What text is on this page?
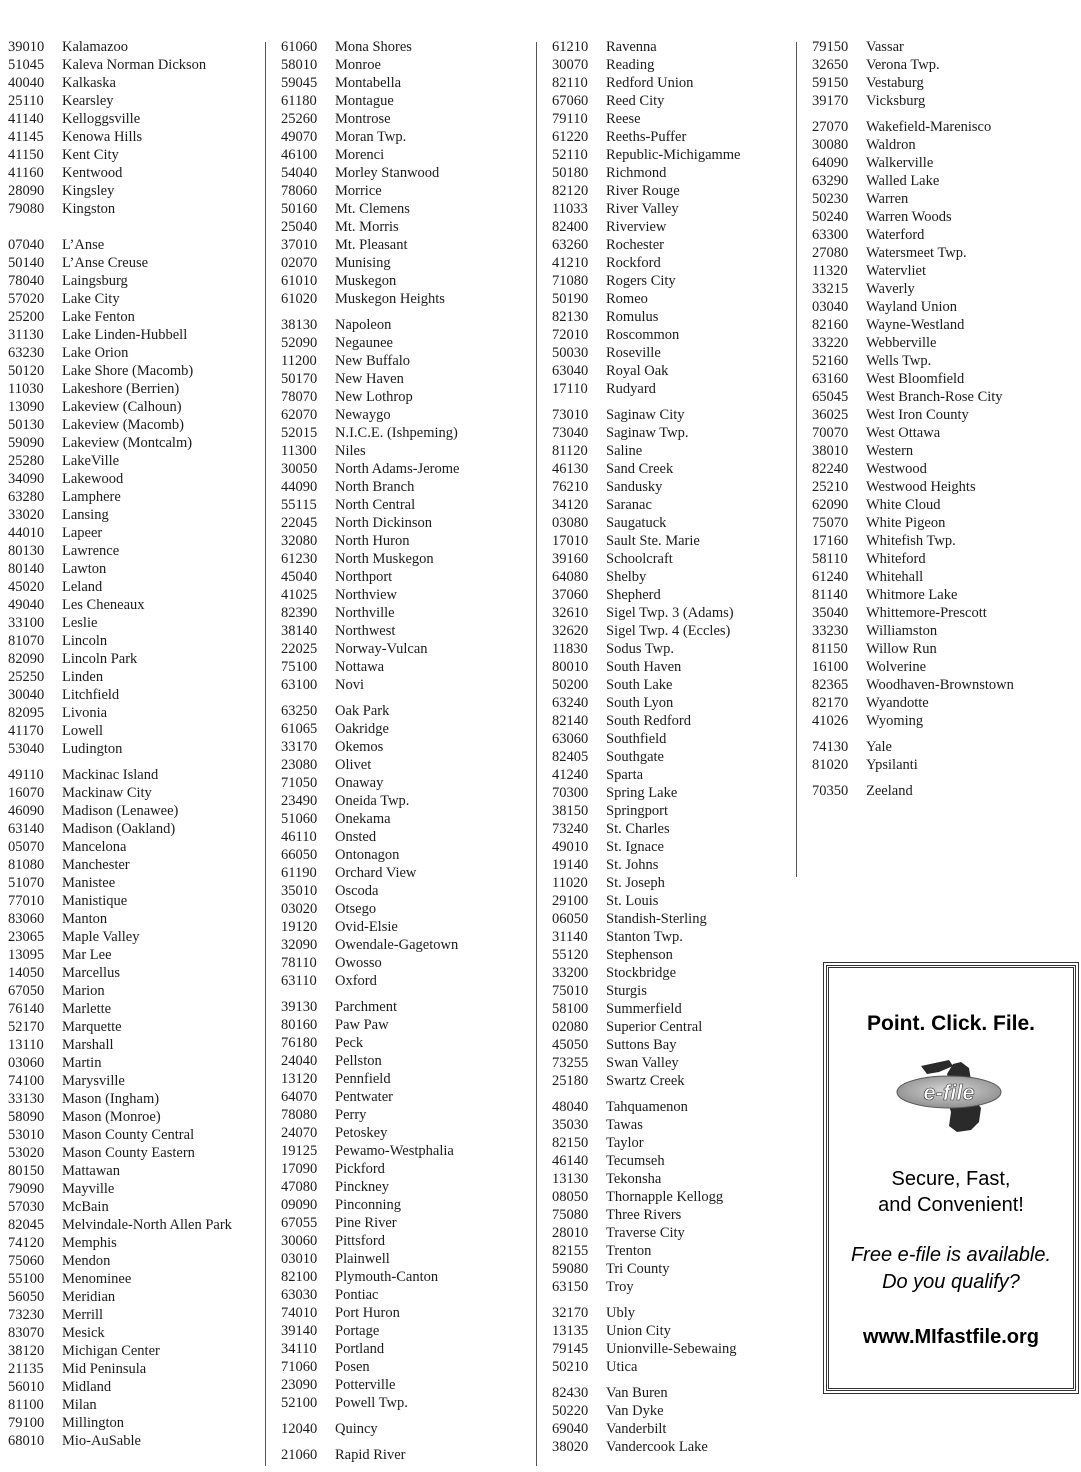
39010 Kalamazoo
51045 Kaleva Norman Dickson
40040 Kalkaska
25110 Kearsley
41140 Kelloggsville
41145 Kenowa Hills
41150 Kent City
41160 Kentwood
28090 Kingsley
79080 Kingston
07040 L’Anse
50140 L’Anse Creuse
78040 Laingsburg
57020 Lake City
25200 Lake Fenton
31130 Lake Linden-Hubbell
63230 Lake Orion
50120 Lake Shore (Macomb)
11030 Lakeshore (Berrien)
13090 Lakeview (Calhoun)
50130 Lakeview (Macomb)
59090 Lakeview (Montcalm)
25280 LakeVille
34090 Lakewood
63280 Lamphere
33020 Lansing
44010 Lapeer
80130 Lawrence
80140 Lawton
45020 Leland
49040 Les Cheneaux
33100 Leslie
81070 Lincoln
82090 Lincoln Park
25250 Linden
30040 Litchfield
82095 Livonia
41170 Lowell
53040 Ludington
49110 Mackinac Island
16070 Mackinaw City
46090 Madison (Lenawee)
63140 Madison (Oakland)
05070 Mancelona
81080 Manchester
51070 Manistee
77010 Manistique
83060 Manton
23065 Maple Valley
13095 Mar Lee
14050 Marcellus
67050 Marion
76140 Marlette
52170 Marquette
13110 Marshall
03060 Martin
74100 Marysville
33130 Mason (Ingham)
58090 Mason (Monroe)
53010 Mason County Central
53020 Mason County Eastern
80150 Mattawan
79090 Mayville
57030 McBain
82045 Melvindale-North Allen Park
74120 Memphis
75060 Mendon
55100 Menominee
56050 Meridian
73230 Merrill
83070 Mesick
38120 Michigan Center
21135 Mid Peninsula
56010 Midland
81100 Milan
79100 Millington
68010 Mio-AuSable
61060 Mona Shores
58010 Monroe
59045 Montabella
61180 Montague
25260 Montrose
49070 Moran Twp.
46100 Morenci
54040 Morley Stanwood
78060 Morrice
50160 Mt. Clemens
25040 Mt. Morris
37010 Mt. Pleasant
02070 Munising
61010 Muskegon
61020 Muskegon Heights
38130 Napoleon
52090 Negaunee
11200 New Buffalo
50170 New Haven
78070 New Lothrop
62070 Newaygo
52015 N.I.C.E. (Ishpeming)
11300 Niles
30050 North Adams-Jerome
44090 North Branch
55115 North Central
22045 North Dickinson
32080 North Huron
61230 North Muskegon
45040 Northport
41025 Northview
82390 Northville
38140 Northwest
22025 Norway-Vulcan
75100 Nottawa
63100 Novi
63250 Oak Park
61065 Oakridge
33170 Okemos
23080 Olivet
71050 Onaway
23490 Oneida Twp.
51060 Onekama
46110 Onsted
66050 Ontonagon
61190 Orchard View
35010 Oscoda
03020 Otsego
19120 Ovid-Elsie
32090 Owendale-Gagetown
78110 Owosso
63110 Oxford
39130 Parchment
80160 Paw Paw
76180 Peck
24040 Pellston
13120 Pennfield
64070 Pentwater
78080 Perry
24070 Petoskey
19125 Pewamo-Westphalia
17090 Pickford
47080 Pinckney
09090 Pinconning
67055 Pine River
30060 Pittsford
03010 Plainwell
82100 Plymouth-Canton
63030 Pontiac
74010 Port Huron
39140 Portage
34110 Portland
71060 Posen
23090 Potterville
52100 Powell Twp.
12040 Quincy
21060 Rapid River
61210 Ravenna
30070 Reading
82110 Redford Union
67060 Reed City
79110 Reese
61220 Reeths-Puffer
52110 Republic-Michigamme
50180 Richmond
82120 River Rouge
11033 River Valley
82400 Riverview
63260 Rochester
41210 Rockford
71080 Rogers City
50190 Romeo
82130 Romulus
72010 Roscommon
50030 Roseville
63040 Royal Oak
17110 Rudyard
73010 Saginaw City
73040 Saginaw Twp.
81120 Saline
46130 Sand Creek
76210 Sandusky
34120 Saranac
03080 Saugatuck
17010 Sault Ste. Marie
39160 Schoolcraft
64080 Shelby
37060 Shepherd
32610 Sigel Twp. 3 (Adams)
32620 Sigel Twp. 4 (Eccles)
11830 Sodus Twp.
80010 South Haven
50200 South Lake
63240 South Lyon
82140 South Redford
63060 Southfield
82405 Southgate
41240 Sparta
70300 Spring Lake
38150 Springport
73240 St. Charles
49010 St. Ignace
19140 St. Johns
11020 St. Joseph
29100 St. Louis
06050 Standish-Sterling
31140 Stanton Twp.
55120 Stephenson
33200 Stockbridge
75010 Sturgis
58100 Summerfield
02080 Superior Central
45050 Suttons Bay
73255 Swan Valley
25180 Swartz Creek
48040 Tahquamenon
35030 Tawas
82150 Taylor
46140 Tecumseh
13130 Tekonsha
08050 Thornapple Kellogg
75080 Three Rivers
28010 Traverse City
82155 Trenton
59080 Tri County
63150 Troy
32170 Ubly
13135 Union City
79145 Unionville-Sebewaing
50210 Utica
82430 Van Buren
50220 Van Dyke
69040 Vanderbilt
38020 Vandercook Lake
79150 Vassar
32650 Verona Twp.
59150 Vestaburg
39170 Vicksburg
27070 Wakefield-Marenisco
30080 Waldron
64090 Walkerville
63290 Walled Lake
50230 Warren
50240 Warren Woods
63300 Waterford
27080 Watersmeet Twp.
11320 Watervliet
33215 Waverly
03040 Wayland Union
82160 Wayne-Westland
33220 Webberville
52160 Wells Twp.
63160 West Bloomfield
65045 West Branch-Rose City
36025 West Iron County
70070 West Ottawa
38010 Western
82240 Westwood
25210 Westwood Heights
62090 White Cloud
75070 White Pigeon
17160 Whitefish Twp.
58110 Whiteford
61240 Whitehall
81140 Whitmore Lake
35040 Whittemore-Prescott
33230 Williamston
81150 Willow Run
16100 Wolverine
82365 Woodhaven-Brownstown
82170 Wyandotte
41026 Wyoming
74130 Yale
81020 Ypsilanti
70350 Zeeland
Point. Click. File.
e-file
Secure, Fast,
and Convenient!
Free e-file is available.
Do you qualify?
www.MIfastfile.org
